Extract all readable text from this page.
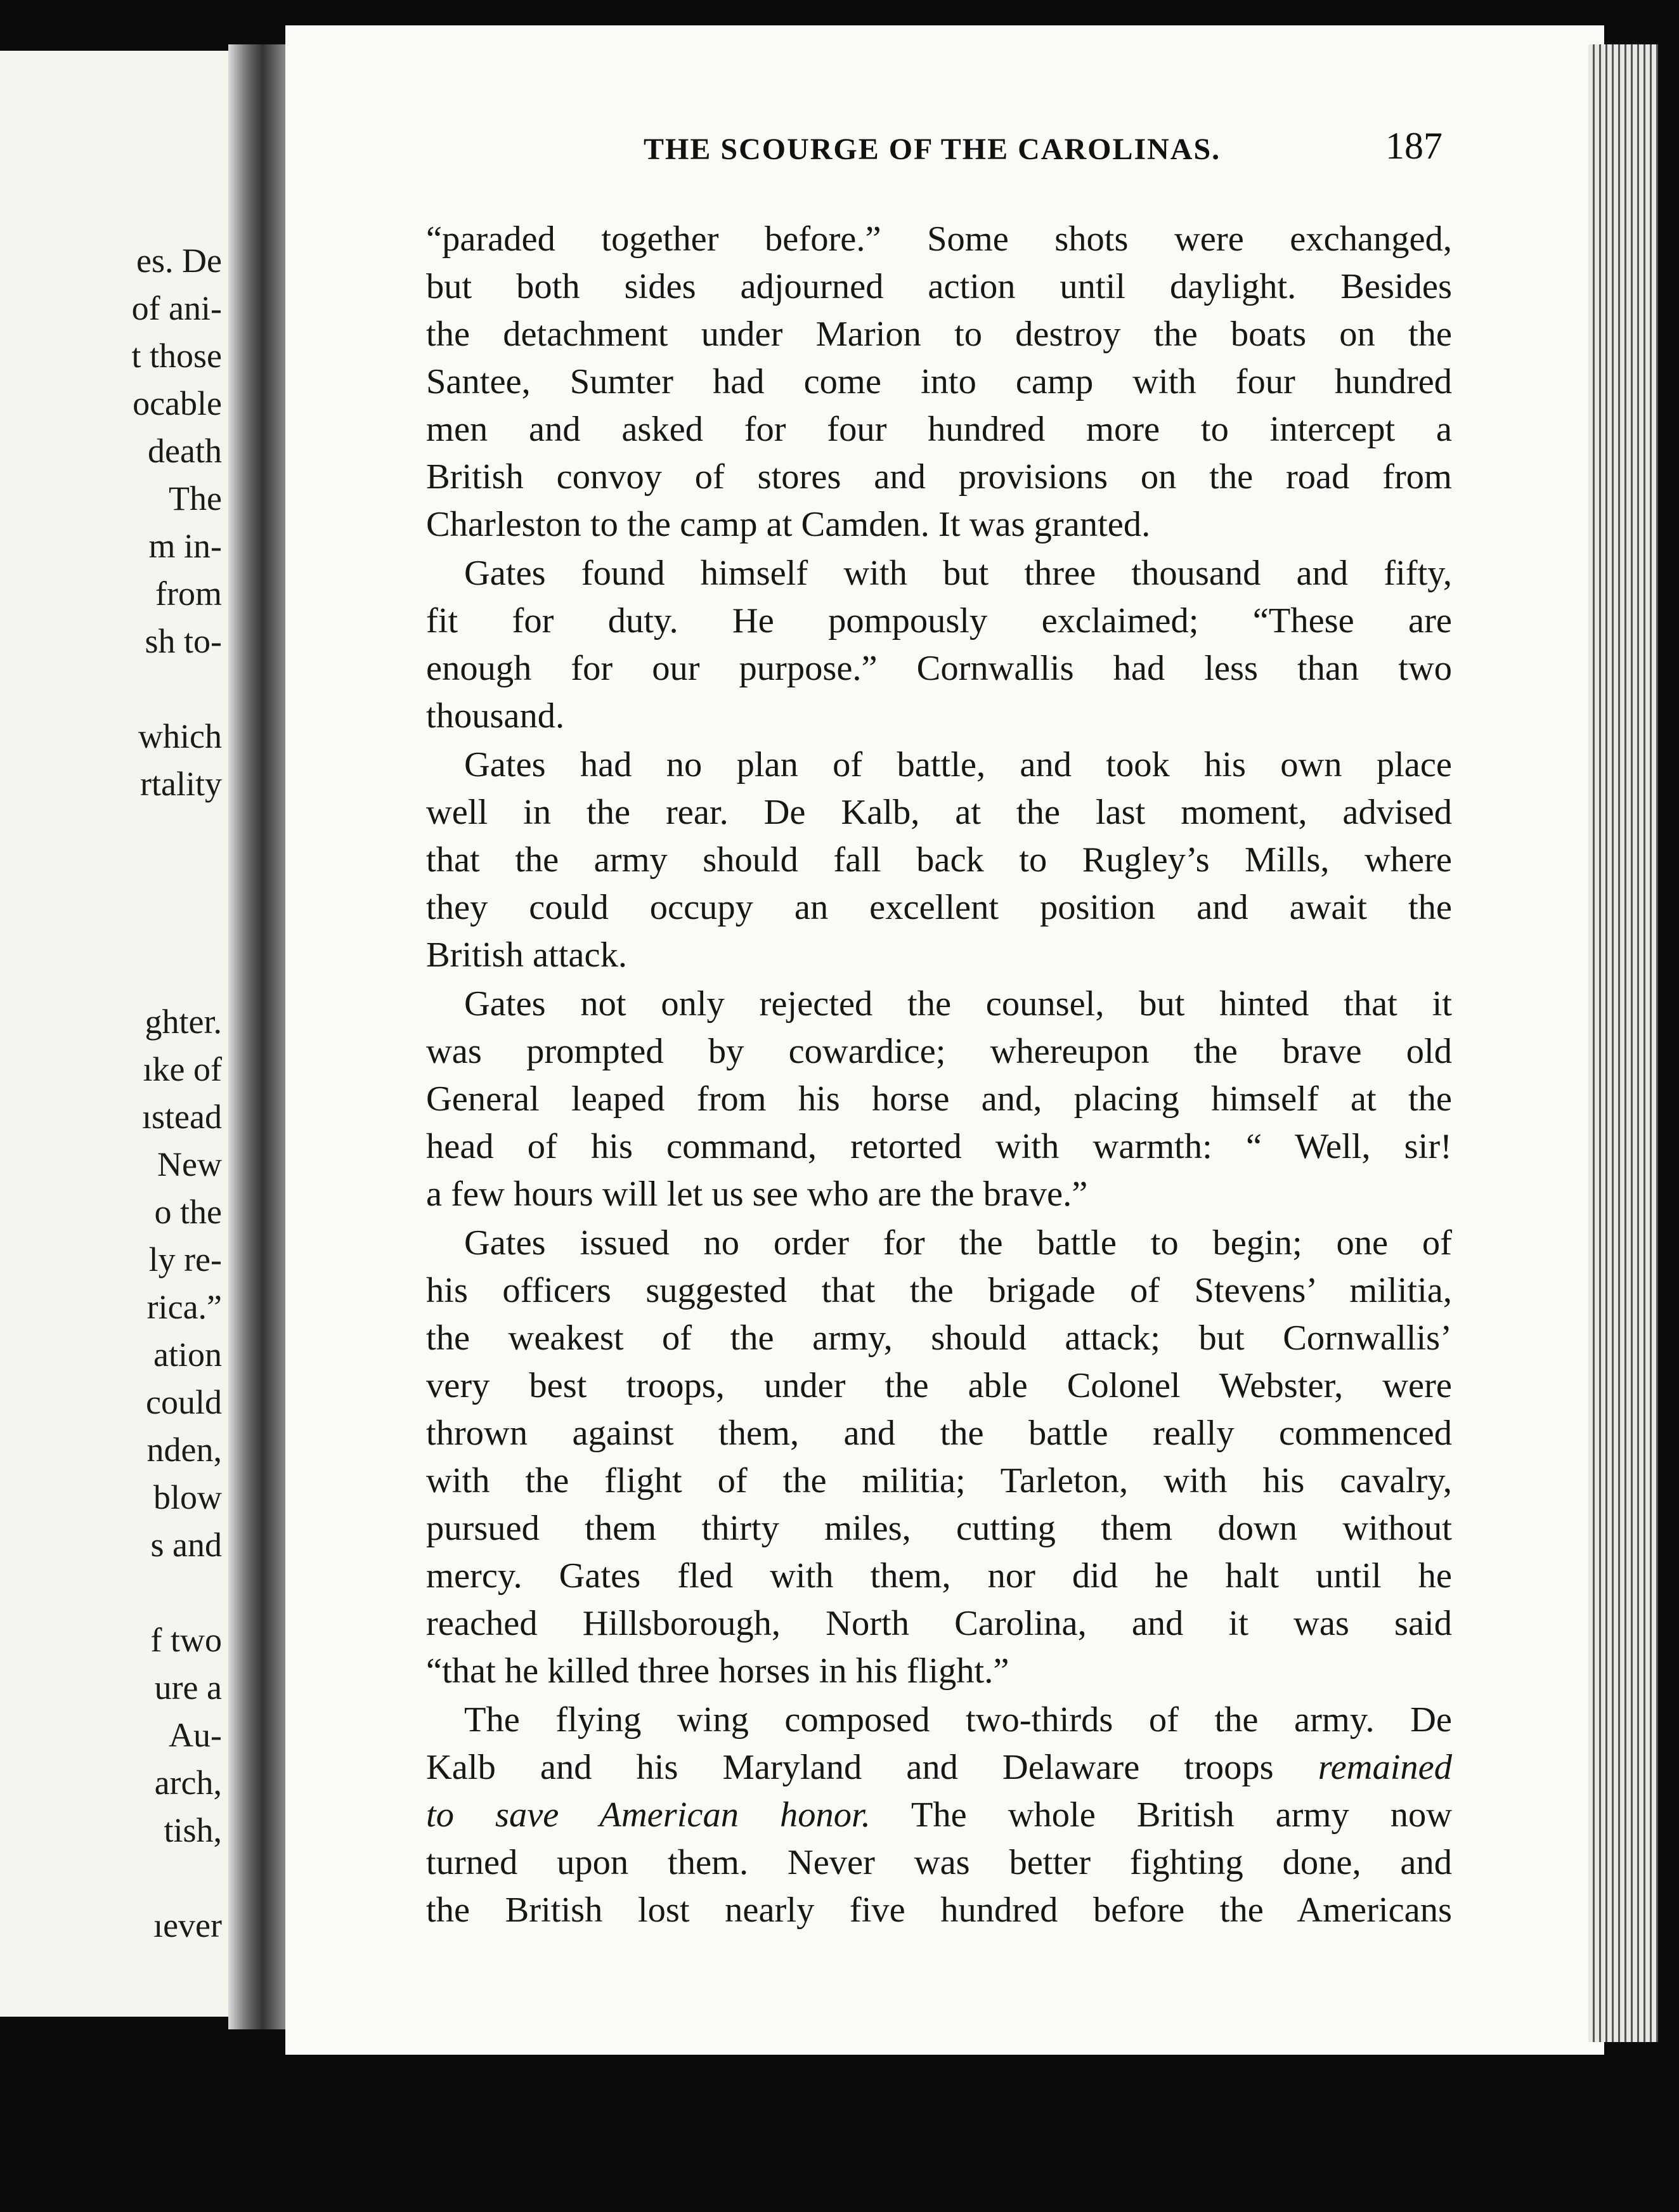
es. De

of ani-

t those

ocable

death

The

m in-

from

sh to-

which

rtality

ghter.

ıke of

ıstead

New

o the

ly re-

rica.”

ation

could

nden,

blow

s and

f two

ure a

Au-

arch,

tish,

ıever

THE SCOURGE OF THE CAROLINAS.	187

“paraded together before.” Some shots were exchanged,

but both sides adjourned action until daylight. Besides

the detachment under Marion to destroy the boats on the

Santee, Sumter had come into camp with four hundred

men and asked for four hundred more to intercept a

British convoy of stores and provisions on the road from

Charleston to the camp at Camden. It was granted.

Gates found himself with but three thousand and fifty,

fit for duty. He pompously exclaimed; “These are

enough for our purpose.” Cornwallis had less than two

thousand.

Gates had no plan of battle, and took his own place

well in the rear. De Kalb, at the last moment, advised

that the army should fall back to Rugley’s Mills, where

they could occupy an excellent position and await the

British attack.

Gates not only rejected the counsel, but hinted that it

was prompted by cowardice; whereupon the brave old

General leaped from his horse and, placing himself at the

head of his command, retorted with warmth: “ Well, sir!

a few hours will let us see who are the brave.”

Gates issued no order for the battle to begin; one of

his officers suggested that the brigade of Stevens’ militia,

the weakest of the army, should attack; but Cornwallis’

very best troops, under the able Colonel Webster, were

thrown against them, and the battle really commenced

with the flight of the militia; Tarleton, with his cavalry,

pursued them thirty miles, cutting them down without

mercy. Gates fled with them, nor did he halt until he

reached Hillsborough, North Carolina, and it was said

“that he killed three horses in his flight.”

The flying wing composed two-thirds of the army. De

Kalb and his Maryland and Delaware troops remained

to save American honor. The whole British army now

turned upon them. Never was better fighting done, and

the British lost nearly five hundred before the Americans
